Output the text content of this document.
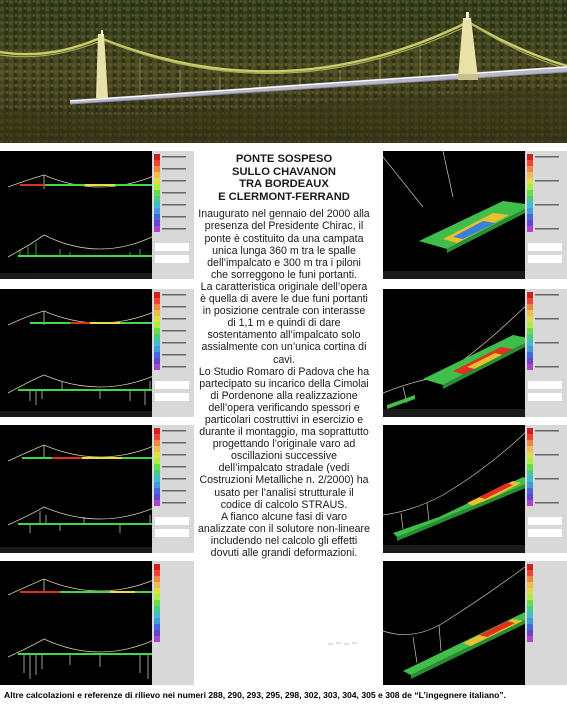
PONTE SOSPESO
SULLO CHAVANON
TRA BORDEAUX
E CLERMONT-FERRAND

Inaugurato nel gennaio del 2000 alla presenza del Presidente Chirac, il ponte è costituito da una campata unica lunga 360 m tra le spalle dell’impalcato e 300 m tra i piloni che sorreggono le funi portanti.
La caratteristica originale dell’opera è quella di avere le due funi portanti in posizione centrale con interasse di 1,1 m e quindi di dare sostentamento all’impalcato solo assialmente con un’unica cortina di cavi.
Lo Studio Romaro di Padova che ha partecipato su incarico della Cimolai di Pordenone alla realizzazione dell’opera verificando spessori e particolari costruttivi in esercizio e durante il montaggio, ma soprattutto progettando l’originale varo ad oscillazioni successive dell’impalcato stradale (vedi Costruzioni Metalliche n. 2/2000) ha usato per l’analisi strutturale il codice di calcolo STRAUS.
A fianco alcune fasi di varo analizzate con il solutore non-lineare includendo nel calcolo gli effetti dovuti alle grandi deformazioni.

Altre calcolazioni e referenze di rilievo nei numeri 288, 290, 293, 295, 298, 302, 303, 304, 305 e 308 de “L’ingegnere italiano”.
